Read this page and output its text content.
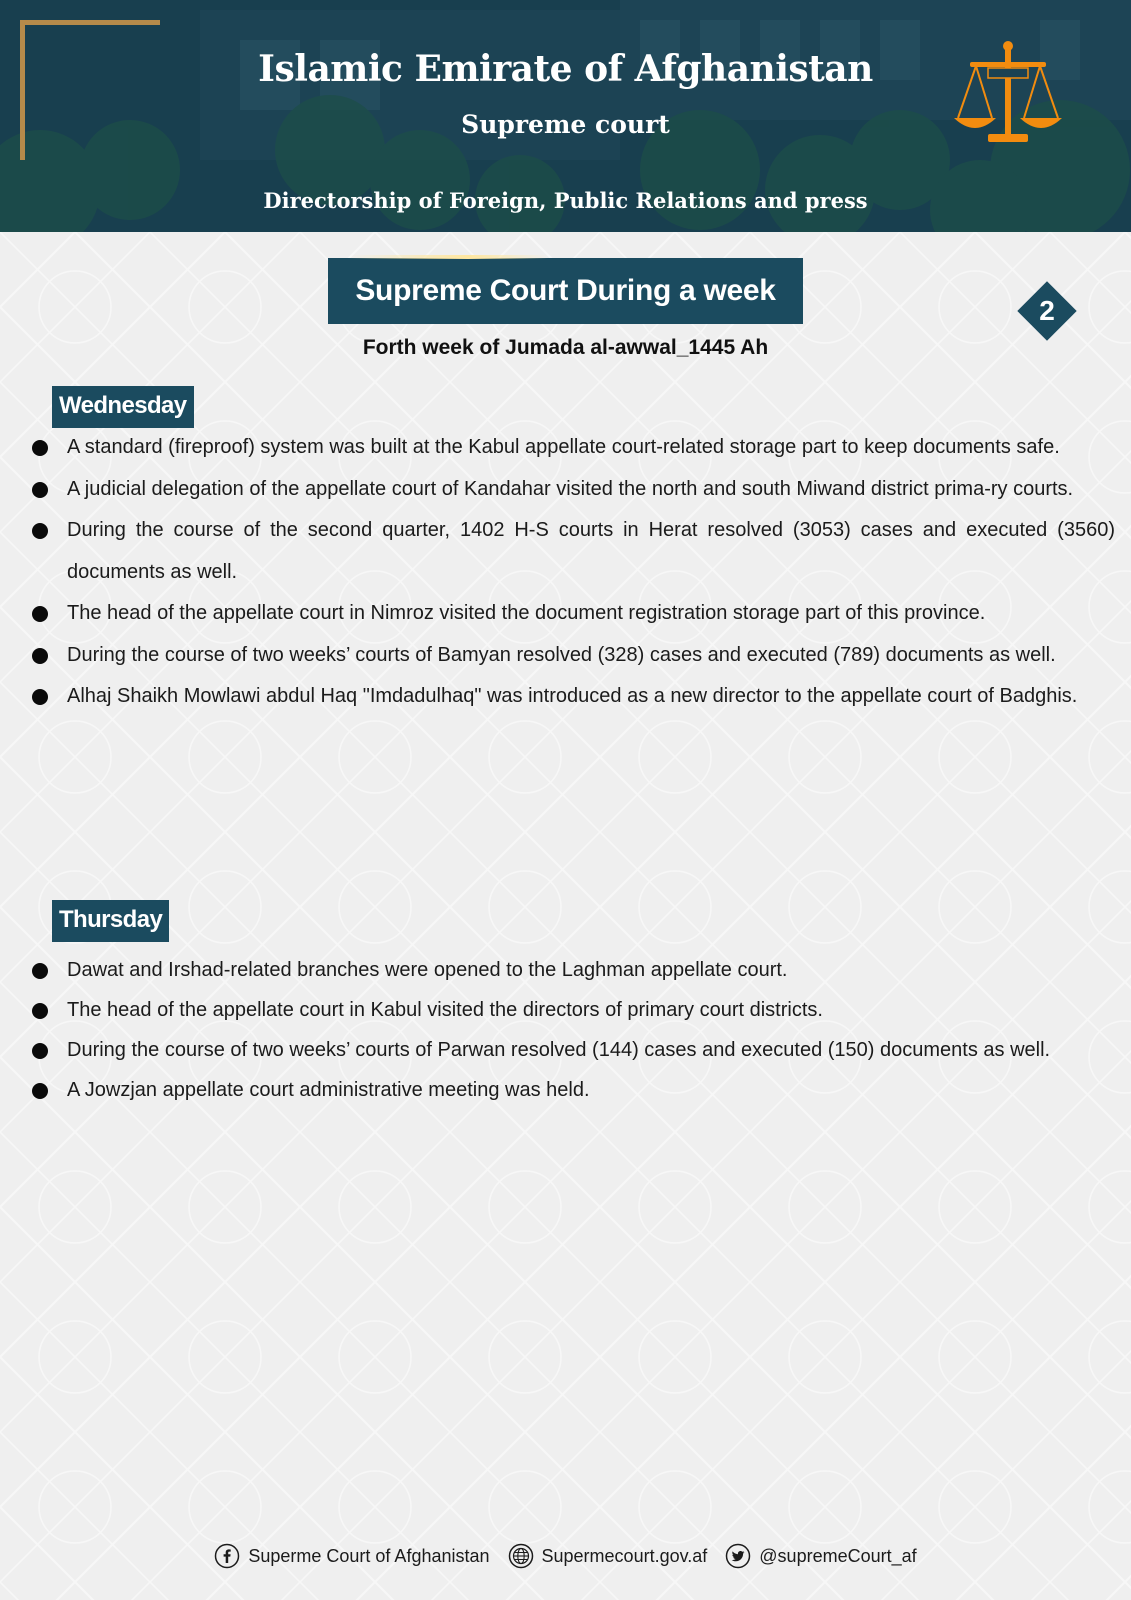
Islamic Emirate of Afghanistan
Supreme court
Directorship of Foreign, Public Relations and press
Supreme Court During a week
Forth week of Jumada al-awwal_1445 Ah
2
Wednesday
A standard (fireproof) system was built at the Kabul appellate court-related storage part to keep documents safe.
A judicial delegation of the appellate court of Kandahar visited the north and south Miwand district prima-ry courts.
During the course of the second quarter, 1402 H-S courts in Herat resolved (3053) cases and executed (3560) documents as well.
The head of the appellate court in Nimroz visited the document registration storage part of this province.
During the course of two weeks’ courts of Bamyan resolved (328) cases and executed (789) documents as well.
Alhaj Shaikh Mowlawi abdul Haq "Imdadulhaq" was introduced as a new director to the appellate court of Badghis.
Thursday
Dawat and Irshad-related branches were opened to the Laghman appellate court.
The head of the appellate court in Kabul visited the directors of primary court districts.
During the course of two weeks’ courts of Parwan resolved (144) cases and executed (150) documents as well.
A Jowzjan appellate court administrative meeting was held.
Superme Court of Afghanistan	Supermecourt.gov.af	@supremeCourt_af
